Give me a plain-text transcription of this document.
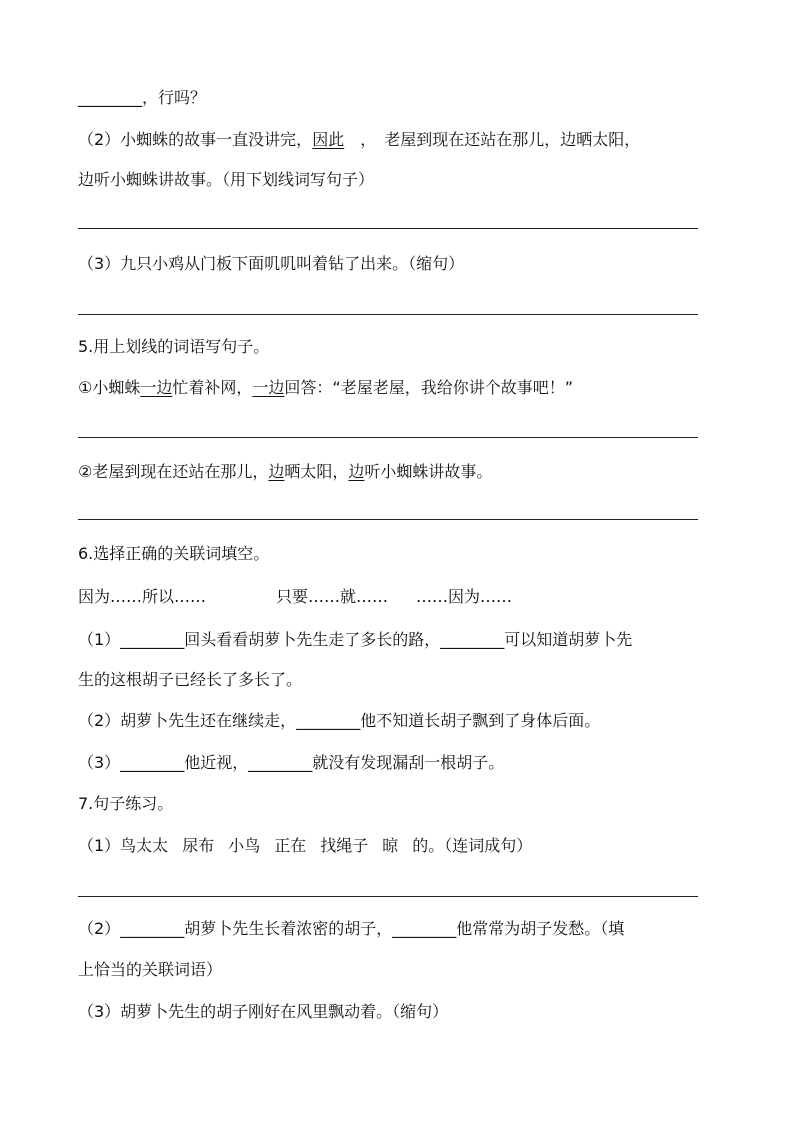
________，行吗？
（2）小蜘蛛的故事一直没讲完，因此　，　老屋到现在还站在那儿，边晒太阳，
边听小蜘蛛讲故事。（用下划线词写句子）
（3）九只小鸡从门板下面叽叽叫着钻了出来。（缩句）
5.用上划线的词语写句子。
①小蜘蛛一边忙着补网，一边回答：“老屋老屋，我给你讲个故事吧！”
②老屋到现在还站在那儿，边晒太阳，边听小蜘蛛讲故事。
6.选择正确的关联词填空。
因为……所以……	只要……就…… ……因为……
（1）________回头看看胡萝卜先生走了多长的路，________可以知道胡萝卜先
生的这根胡子已经长了多长了。
（2）胡萝卜先生还在继续走，________他不知道长胡子飘到了身体后面。
（3）________他近视，________就没有发现漏刮一根胡子。
7.句子练习。
（1）鸟太太 尿布 小鸟 正在 找绳子 晾 的。（连词成句）
（2）________胡萝卜先生长着浓密的胡子，________他常常为胡子发愁。（填
上恰当的关联词语）
（3）胡萝卜先生的胡子刚好在风里飘动着。（缩句）
